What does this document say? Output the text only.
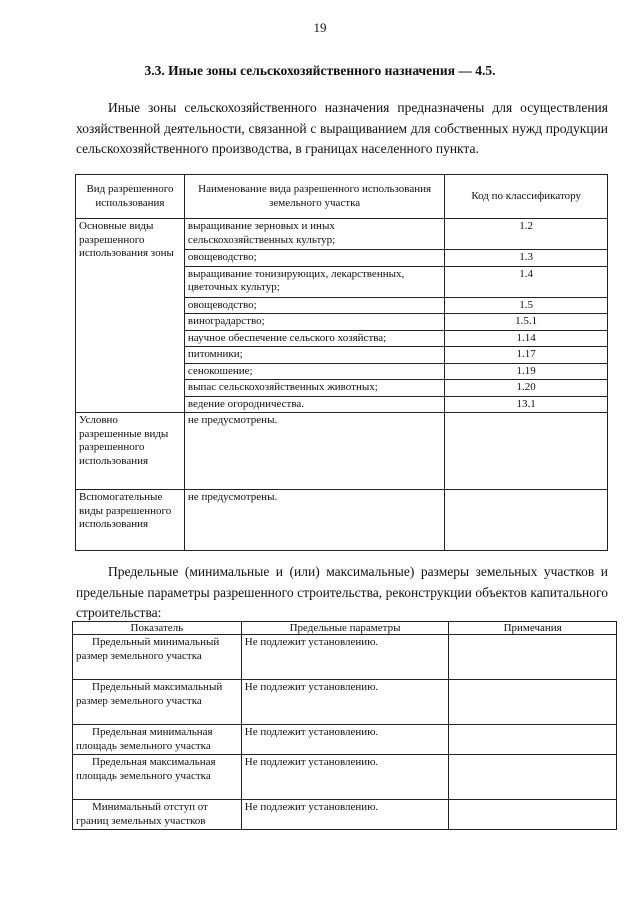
19
3.3. Иные зоны сельскохозяйственного назначения — 4.5.

Иные зоны сельскохозяйственного назначения предназначены для осуществления хозяйственной деятельности, связанной с выращиванием для собственных нужд продукции сельскохозяйственного производства, в границах населенного пункта.

Вид разрешенного использования	Наименование вида разрешенного использования земельного участка	Код по классификатору
Основные виды разрешенного использования зоны	выращивание зерновых и иных сельскохозяйственных культур;	1.2
	овощеводство;	1.3
	выращивание тонизирующих, лекарственных, цветочных культур;	1.4
	овощеводство;	1.5
	виноградарство;	1.5.1
	научное обеспечение сельского хозяйства;	1.14
	питомники;	1.17
	сенокошение;	1.19
	выпас сельскохозяйственных животных;	1.20
	ведение огородничества.	13.1
Условно разрешенные виды разрешенного использования	не предусмотрены.	
Вспомогательные виды разрешенного использования	не предусмотрены.	

Предельные (минимальные и (или) максимальные) размеры земельных участков и предельные параметры разрешенного строительства, реконструкции объектов капитального строительства:

Показатель	Предельные параметры	Примечания
Предельный минимальный размер земельного участка	Не подлежит установлению.	
Предельный максимальный размер земельного участка	Не подлежит установлению.	
Предельная минимальная площадь земельного участка	Не подлежит установлению.	
Предельная максимальная площадь земельного участка	Не подлежит установлению.	
Минимальный отступ от границ земельных участков	Не подлежит установлению.	
